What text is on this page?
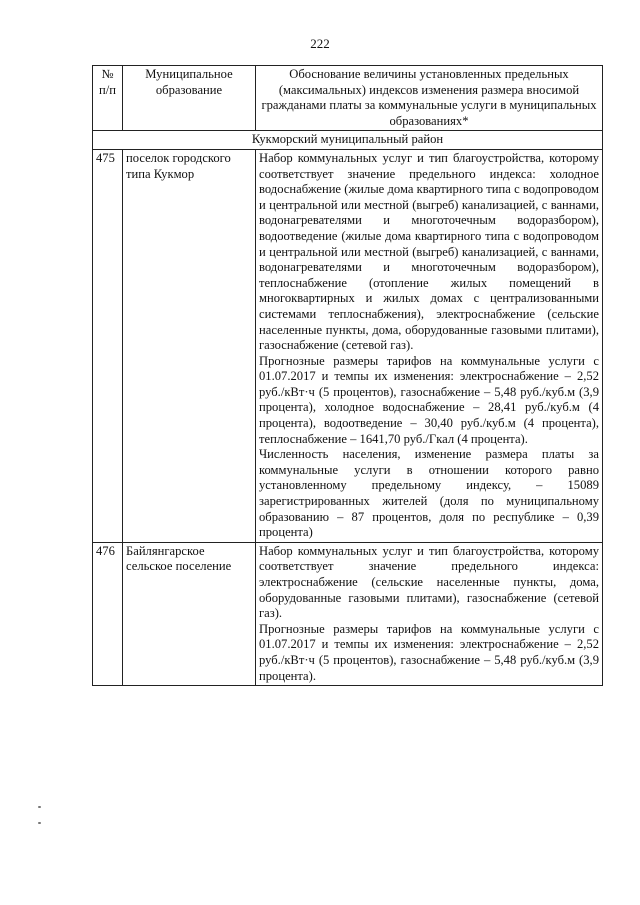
222
№ п/п	Муниципальное образование	Обоснование величины установленных предельных (максимальных) индексов изменения размера вносимой гражданами платы за коммунальные услуги в муниципальных образованиях*
Кукморский муниципальный район		
475	поселок городского типа Кукмор	Набор коммунальных услуг и тип благоустройства, которому соответствует значение предельного индекса: холодное водоснабжение (жилые дома квартирного типа с водопроводом и центральной или местной (выгреб) канализацией, с ваннами, водонагревателями и многоточечным водоразбором), водоотведение (жилые дома квартирного типа с водопроводом и центральной или местной (выгреб) канализацией, с ваннами, водонагревателями и многоточечным водоразбором), теплоснабжение (отопление жилых помещений в многоквартирных и жилых домах с централизованными системами теплоснабжения), электроснабжение (сельские населенные пункты, дома, оборудованные газовыми плитами), газоснабжение (сетевой газ).

Прогнозные размеры тарифов на коммунальные услуги с 01.07.2017 и темпы их изменения: электроснабжение – 2,52 руб./кВт·ч (5 процентов), газоснабжение – 5,48 руб./куб.м (3,9 процента), холодное водоснабжение – 28,41 руб./куб.м (4 процента), водоотведение – 30,40 руб./куб.м (4 процента), теплоснабжение – 1641,70 руб./Гкал (4 процента).

Численность населения, изменение размера платы за коммунальные услуги в отношении которого равно установленному предельному индексу, – 15089 зарегистрированных жителей (доля по муниципальному образованию – 87 процентов, доля по республике – 0,39 процента)

476	Байлянгарское сельское поселение	Набор коммунальных услуг и тип благоустройства, которому соответствует значение предельного индекса: электроснабжение (сельские населенные пункты, дома, оборудованные газовыми плитами), газоснабжение (сетевой газ).

Прогнозные размеры тарифов на коммунальные услуги с 01.07.2017 и темпы их изменения: электроснабжение – 2,52 руб./кВт·ч (5 процентов), газоснабжение – 5,48 руб./куб.м (3,9 процента).
